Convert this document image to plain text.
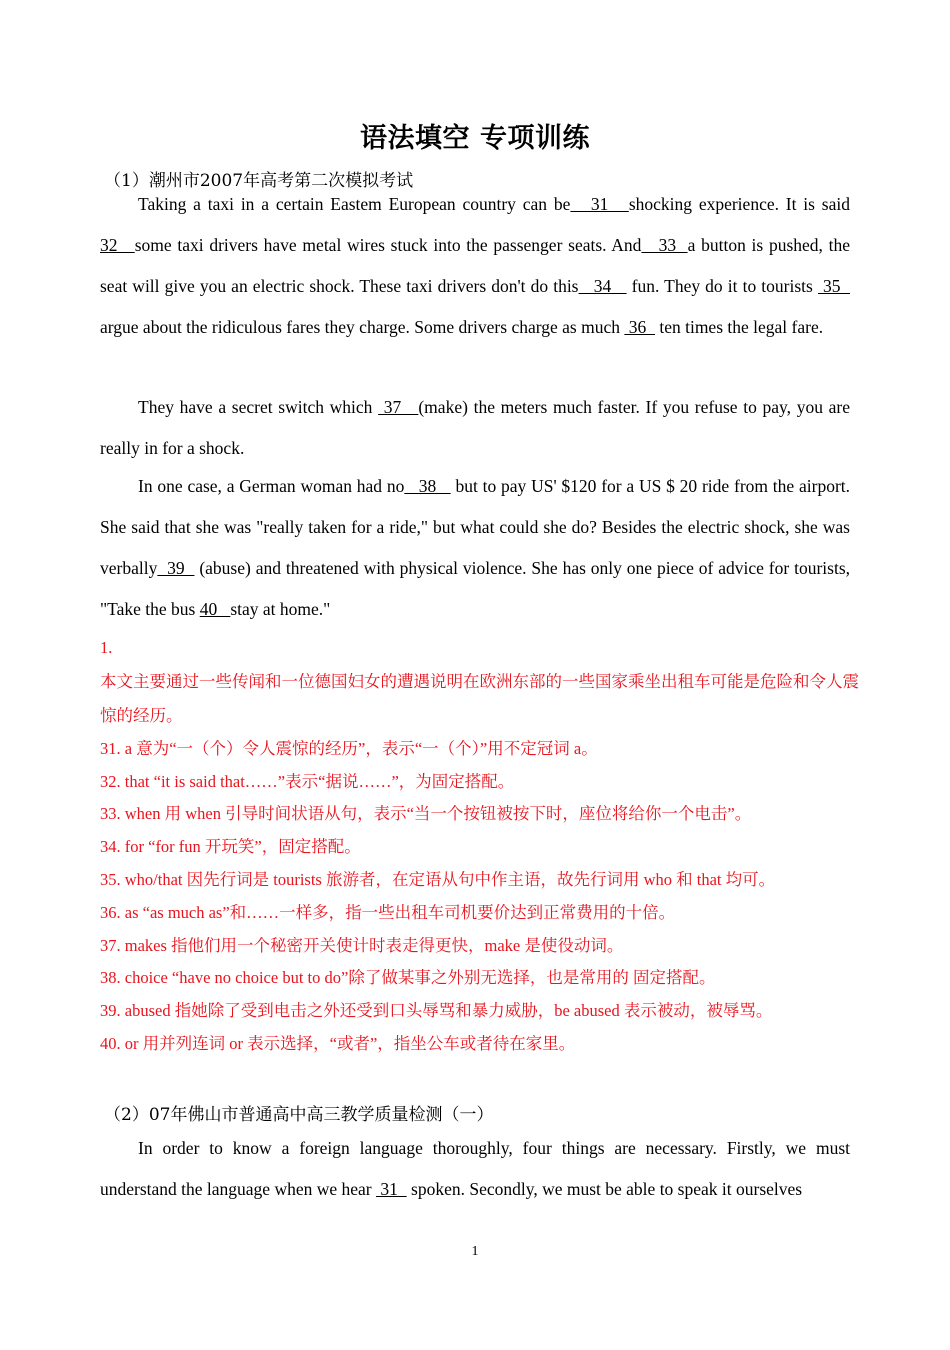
语法填空 专项训练
（1）潮州市2007年高考第二次模拟考试
Taking a taxi in a certain Eastem European country can be   31   shocking experience. It is said 32   some taxi drivers have metal wires stuck into the passenger seats. And   33  a button is pushed, the seat will give you an electric shock. These taxi drivers don't do this   34    fun. They do it to tourists  35   argue about the ridiculous fares they charge. Some drivers charge as much  36   ten times the legal fare.
They have a secret switch which  37   (make) the meters much faster. If you refuse to pay, you are really in for a shock.
In one case, a German woman had no   38    but to pay US' $120 for a US $ 20 ride from the airport. She said that she was "really taken for a ride," but what could she do? Besides the electric shock, she was verbally  39   (abuse) and threatened with physical violence. She has only one piece of advice for tourists, "Take the bus 40   stay at home."
1.
本文主要通过一些传闻和一位德国妇女的遭遇说明在欧洲东部的一些国家乘坐出租车可能是危险和令人震惊的经历。
31. a 意为“一（个）令人震惊的经历”，表示“一（个）”用不定冠词 a。
32. that “it is said that……”表示“据说……”，为固定搭配。
33. when 用 when 引导时间状语从句，表示“当一个按钮被按下时，座位将给你一个电击”。
34. for “for fun 开玩笑”，固定搭配。
35. who/that 因先行词是 tourists 旅游者，在定语从句中作主语，故先行词用 who 和 that 均可。
36. as “as much as”和……一样多，指一些出租车司机要价达到正常费用的十倍。
37. makes 指他们用一个秘密开关使计时表走得更快，make 是使役动词。
38. choice “have no choice but to do”除了做某事之外别无选择，也是常用的 固定搭配。
39. abused 指她除了受到电击之外还受到口头辱骂和暴力威胁，be abused 表示被动，被辱骂。
40. or 用并列连词 or 表示选择，“或者”，指坐公车或者待在家里。
（2）07年佛山市普通高中高三教学质量检测（一）
In order to know a foreign language thoroughly, four things are necessary. Firstly, we must understand the language when we hear  31   spoken. Secondly, we must be able to speak it ourselves
1
